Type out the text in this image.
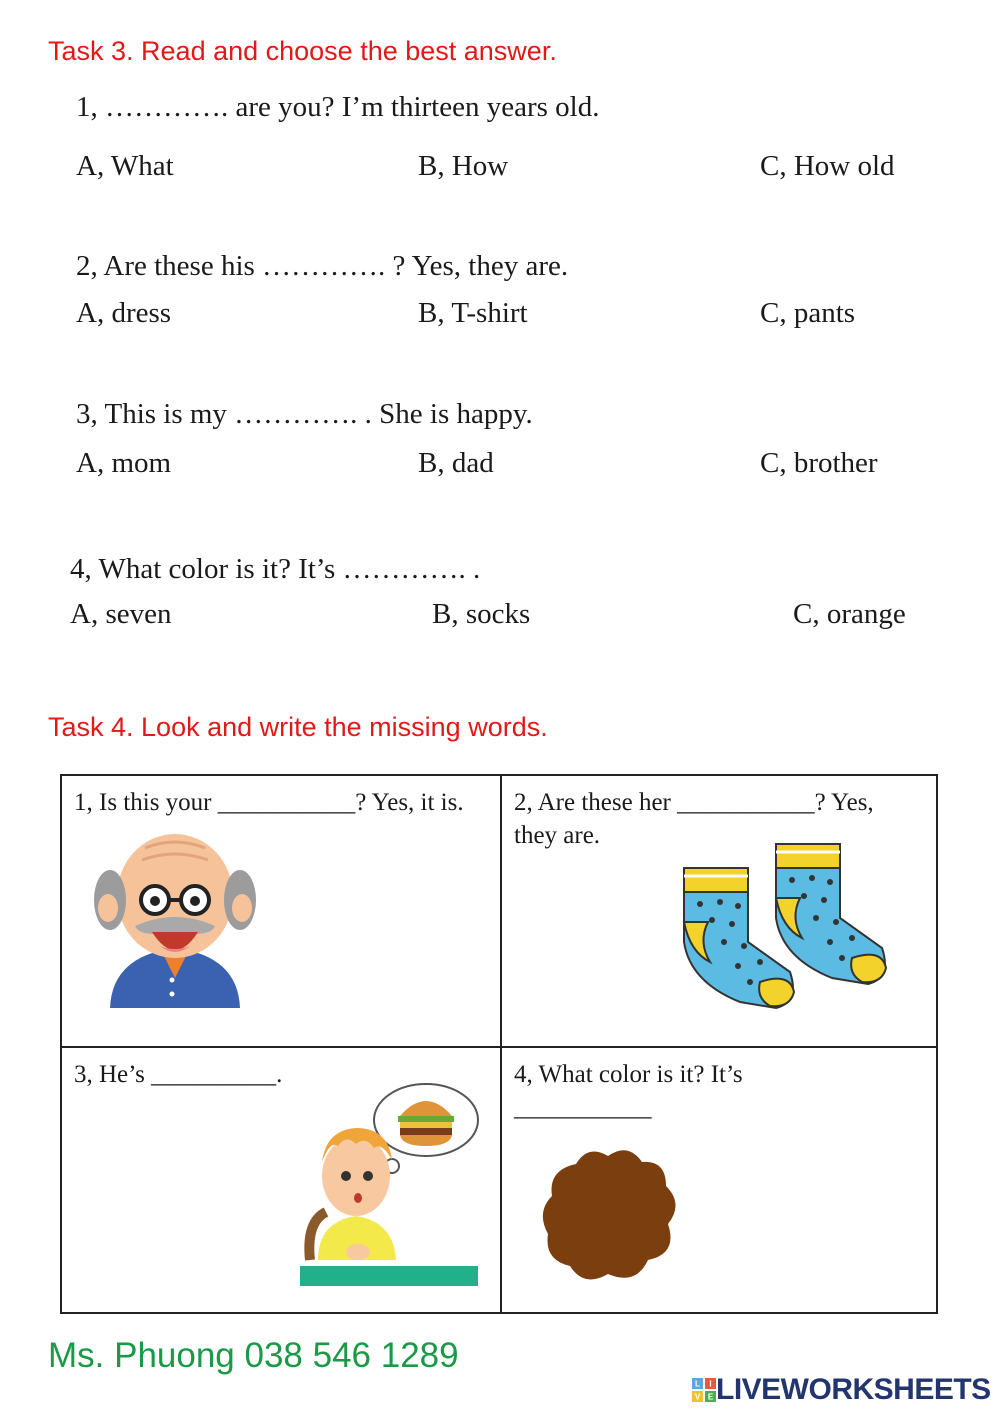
Task 3. Read and choose the best answer.

1, …………. are you? I’m thirteen years old.

A, What	B, How	C, How old

2, Are these his …………. ? Yes, they are.

A, dress	B, T-shirt	C, pants

3, This is my …………. . She is happy.

A, mom	B, dad	C, brother

4, What color is it? It’s …………. .

A, seven	B, socks	C, orange

Task 4. Look and write the missing words.
1, Is this your ___________? Yes, it is.	2, Are these her ___________? Yes, they are.
3, He’s __________.	4, What color is it? It’s ___________
Ms. Phuong 038 546 1289
L I
V E LIVEWORKSHEETS
